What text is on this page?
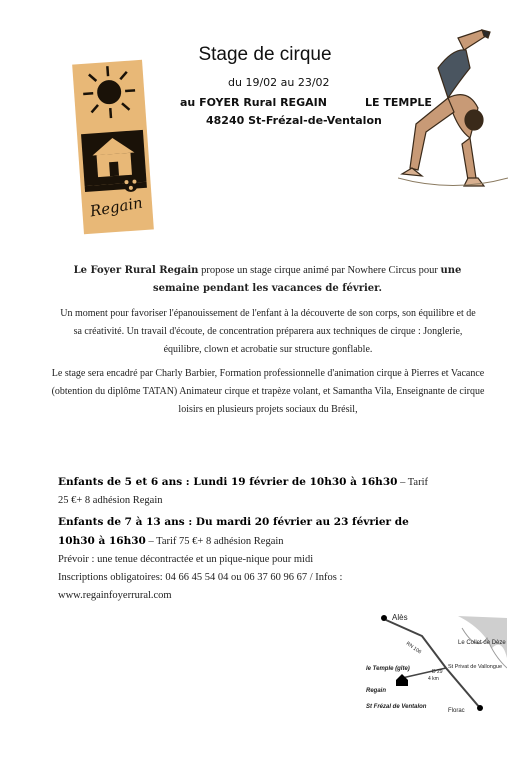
Stage de cirque
du 19/02 au 23/02
au FOYER Rural REGAIN	LE TEMPLE
48240 St-Frézal-de-Ventalon
Regain
Le Foyer Rural Regain propose un stage cirque animé par Nowhere Circus pour une semaine pendant les vacances de février.
Un moment pour favoriser l'épanouissement de l'enfant à la découverte de son corps, son équilibre et de sa créativité. Un travail d'écoute, de concentration préparera aux techniques de cirque : Jonglerie, équilibre, clown et acrobatie sur structure gonflable.
Le stage sera encadré par Charly Barbier, Formation professionnelle d'animation cirque à Pierres et Vacance (obtention du diplôme TATAN) Animateur cirque et trapèze volant, et Samantha Vila, Enseignante de cirque loisirs en plusieurs projets sociaux du Brésil,
Enfants de 5 et 6 ans : Lundi 19 février de 10h30 à 16h30 – Tarif 25 €+ 8 adhésion Regain
Enfants de 7 à 13 ans : Du mardi 20 février au 23 février de 10h30 à 16h30 – Tarif 75 €+ 8 adhésion Regain
Prévoir : une tenue décontractée et un pique-nique pour midi
Inscriptions obligatoires: 04 66 45 54 04 ou 06 37 60 96 67 / Infos :
www.regainfoyerrural.com
Alès
RN 106	Le Collet de Dèze
D 29
4 km
St Privat de Vallongue
le Temple (gîte)
Regain
St Frézal de Ventalon
Florac
